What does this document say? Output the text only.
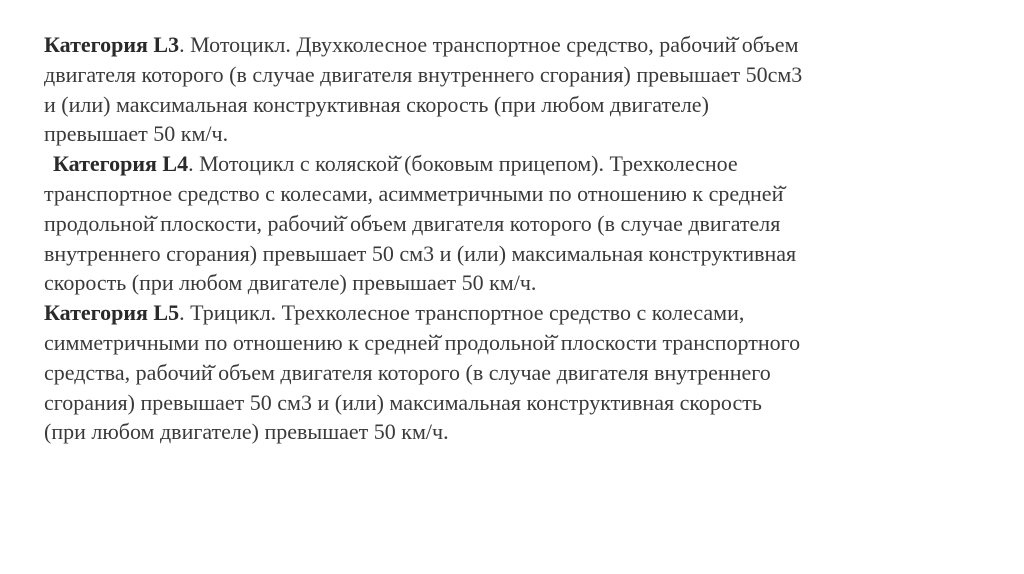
Категория L3. Мотоцикл. Двухколесное транспортное средство, рабочий̆ объем
двигателя которого (в случае двигателя внутреннего сгорания) превышает 50см3
и (или) максимальная конструктивная скорость (при любом двигателе)
превышает 50 км/ч.
Категория L4. Мотоцикл с коляской̆ (боковым прицепом). Трехколесное
транспортное средство с колесами, асимметричными по отношению к средней̆
продольной̆ плоскости, рабочий̆ объем двигателя которого (в случае двигателя
внутреннего сгорания) превышает 50 см3 и (или) максимальная конструктивная
скорость (при любом двигателе) превышает 50 км/ч.
Категория L5. Трицикл. Трехколесное транспортное средство с колесами,
симметричными по отношению к средней̆ продольной̆ плоскости транспортного
средства, рабочий̆ объем двигателя которого (в случае двигателя внутреннего
сгорания) превышает 50 см3 и (или) максимальная конструктивная скорость
(при любом двигателе) превышает 50 км/ч.
